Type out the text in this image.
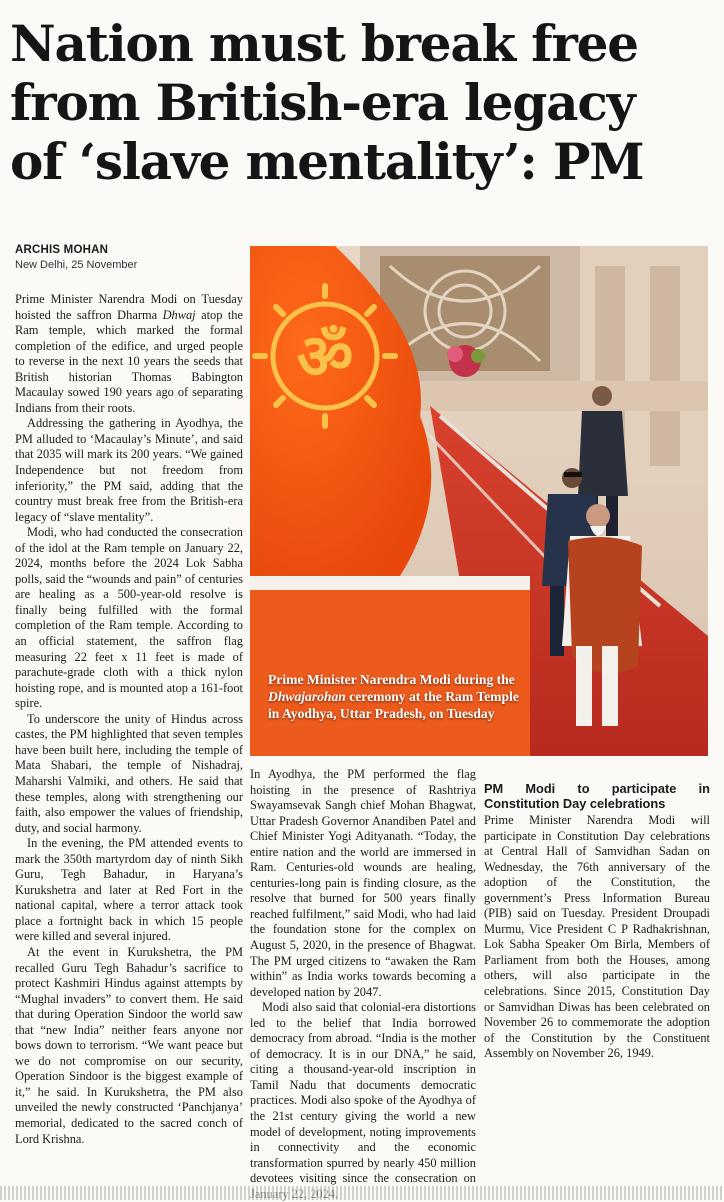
Nation must break free
from British-era legacy
of ‘slave mentality’: PM
ARCHIS MOHAN
New Delhi, 25 November

Prime Minister Narendra Modi on Tuesday hoisted the saffron Dharma Dhwaj atop the Ram temple, which marked the formal completion of the edifice, and urged people to reverse in the next 10 years the seeds that British historian Thomas Babington Macaulay sowed 190 years ago of separating Indians from their roots.

Addressing the gathering in Ayodhya, the PM alluded to ‘Macaulay’s Minute’, and said that 2035 will mark its 200 years. “We gained Independence but not freedom from inferiority,” the PM said, adding that the country must break free from the British-era legacy of “slave mentality”.

Modi, who had conducted the consecration of the idol at the Ram temple on January 22, 2024, months before the 2024 Lok Sabha polls, said the “wounds and pain” of centuries are healing as a 500-year-old resolve is finally being fulfilled with the formal completion of the Ram temple. According to an official statement, the saffron flag measuring 22 feet x 11 feet is made of parachute-grade cloth with a thick nylon hoisting rope, and is mounted atop a 161-foot spire.

To underscore the unity of Hindus across castes, the PM highlighted that seven temples have been built here, including the temple of Mata Shabari, the temple of Nishadraj, Maharshi Valmiki, and others. He said that these temples, along with strengthening our faith, also empower the values of friendship, duty, and social harmony.

In the evening, the PM attended events to mark the 350th martyrdom day of ninth Sikh Guru, Tegh Bahadur, in Haryana’s Kurukshetra and later at Red Fort in the national capital, where a terror attack took place a fortnight back in which 15 people were killed and several injured.

At the event in Kurukshetra, the PM recalled Guru Tegh Bahadur’s sacrifice to protect Kashmiri Hindus against attempts by “Mughal invaders” to convert them. He said that during Operation Sindoor the world saw that “new India” neither fears anyone nor bows down to terrorism. “We want peace but we do not compromise on our security, Operation Sindoor is the biggest example of it,” he said. In Kurukshetra, the PM also unveiled the newly constructed ‘Panchjanya’ memorial, dedicated to the sacred conch of Lord Krishna.

ॐ
Prime Minister Narendra Modi during the Dhwajarohan ceremony at the Ram Temple in Ayodhya, Uttar Pradesh, on Tuesday

In Ayodhya, the PM performed the flag hoisting in the presence of Rashtriya Swayamsevak Sangh chief Mohan Bhagwat, Uttar Pradesh Governor Anandiben Patel and Chief Minister Yogi Adityanath. “Today, the entire nation and the world are immersed in Ram. Centuries-old wounds are healing, centuries-long pain is finding closure, as the resolve that burned for 500 years finally reached fulfilment,” said Modi, who had laid the foundation stone for the complex on August 5, 2020, in the presence of Bhagwat. The PM urged citizens to “awaken the Ram within” as India works towards becoming a developed nation by 2047.

Modi also said that colonial-era distortions led to the belief that India borrowed democracy from abroad. “India is the mother of democracy. It is in our DNA,” he said, citing a thousand-year-old inscription in Tamil Nadu that documents democratic practices. Modi also spoke of the Ayodhya of the 21st century giving the world a new model of development, noting improvements in connectivity and the economic transformation spurred by nearly 450 million devotees visiting since the consecration on

PM Modi to participate in Constitution Day celebrations

Prime Minister Narendra Modi will participate in Constitution Day celebrations at Central Hall of Samvidhan Sadan on Wednesday, the 76th anniversary of the adoption of the Constitution, the government’s Press Information Bureau (PIB) said on Tuesday. President Droupadi Murmu, Vice President C P Radhakrishnan, Lok Sabha Speaker Om Birla, Members of Parliament from both the Houses, among others, will also participate in the celebrations. Since 2015, Constitution Day or Samvidhan Diwas has been celebrated on November 26 to commemorate the adoption of the Constitution by the Constituent Assembly on November 26, 1949.
